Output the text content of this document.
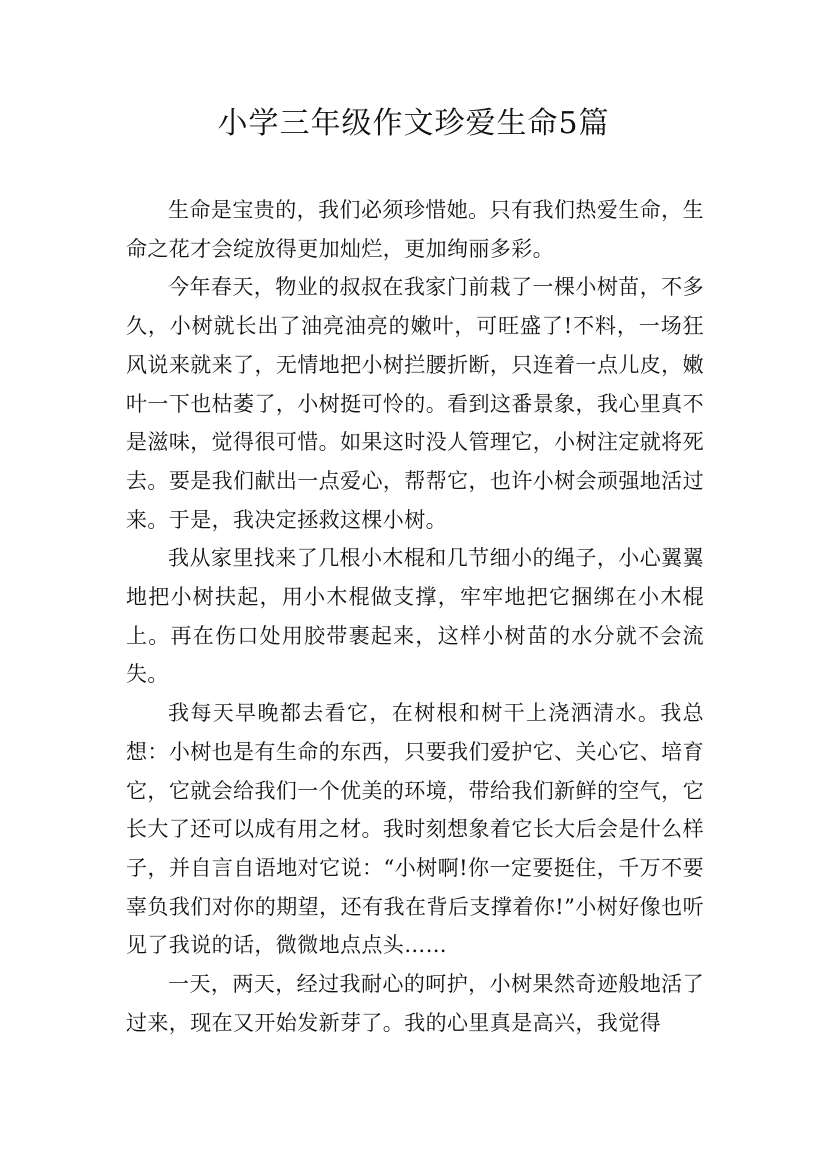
小学三年级作文珍爱生命5篇

生命是宝贵的，我们必须珍惜她。只有我们热爱生命，生命之花才会绽放得更加灿烂，更加绚丽多彩。

今年春天，物业的叔叔在我家门前栽了一棵小树苗，不多久，小树就长出了油亮油亮的嫩叶，可旺盛了!不料，一场狂风说来就来了，无情地把小树拦腰折断，只连着一点儿皮，嫩叶一下也枯萎了，小树挺可怜的。看到这番景象，我心里真不是滋味，觉得很可惜。如果这时没人管理它，小树注定就将死去。要是我们献出一点爱心，帮帮它，也许小树会顽强地活过来。于是，我决定拯救这棵小树。

我从家里找来了几根小木棍和几节细小的绳子，小心翼翼地把小树扶起，用小木棍做支撑，牢牢地把它捆绑在小木棍上。再在伤口处用胶带裹起来，这样小树苗的水分就不会流失。

我每天早晚都去看它，在树根和树干上浇洒清水。我总想：小树也是有生命的东西，只要我们爱护它、关心它、培育它，它就会给我们一个优美的环境，带给我们新鲜的空气，它长大了还可以成有用之材。我时刻想象着它长大后会是什么样子，并自言自语地对它说：“小树啊!你一定要挺住，千万不要辜负我们对你的期望，还有我在背后支撑着你!”小树好像也听见了我说的话，微微地点点头……

一天，两天，经过我耐心的呵护，小树果然奇迹般地活了过来，现在又开始发新芽了。我的心里真是高兴，我觉得
